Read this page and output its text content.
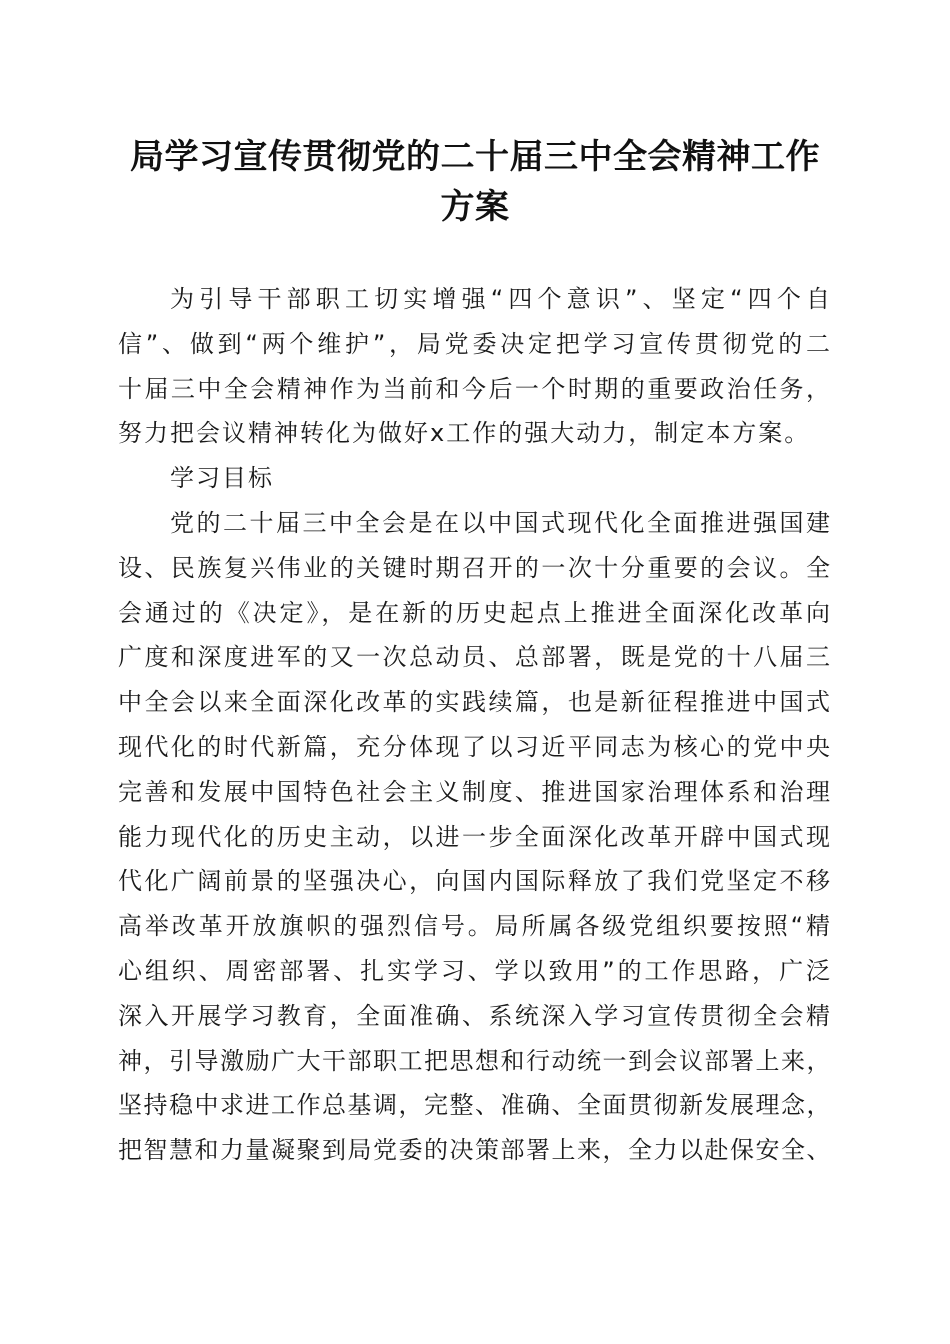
局学习宣传贯彻党的二十届三中全会精神工作
方案
为引导干部职工切实增强“四个意识”、坚定“四个自
信”、做到“两个维护”，局党委决定把学习宣传贯彻党的二
十届三中全会精神作为当前和今后一个时期的重要政治任务，
努力把会议精神转化为做好x工作的强大动力，制定本方案。
学习目标
党的二十届三中全会是在以中国式现代化全面推进强国建
设、民族复兴伟业的关键时期召开的一次十分重要的会议。全
会通过的《决定》，是在新的历史起点上推进全面深化改革向
广度和深度进军的又一次总动员、总部署，既是党的十八届三
中全会以来全面深化改革的实践续篇，也是新征程推进中国式
现代化的时代新篇，充分体现了以习近平同志为核心的党中央
完善和发展中国特色社会主义制度、推进国家治理体系和治理
能力现代化的历史主动，以进一步全面深化改革开辟中国式现
代化广阔前景的坚强决心，向国内国际释放了我们党坚定不移
高举改革开放旗帜的强烈信号。局所属各级党组织要按照“精
心组织、周密部署、扎实学习、学以致用”的工作思路，广泛
深入开展学习教育，全面准确、系统深入学习宣传贯彻全会精
神，引导激励广大干部职工把思想和行动统一到会议部署上来，
坚持稳中求进工作总基调，完整、准确、全面贯彻新发展理念，
把智慧和力量凝聚到局党委的决策部署上来，全力以赴保安全、
